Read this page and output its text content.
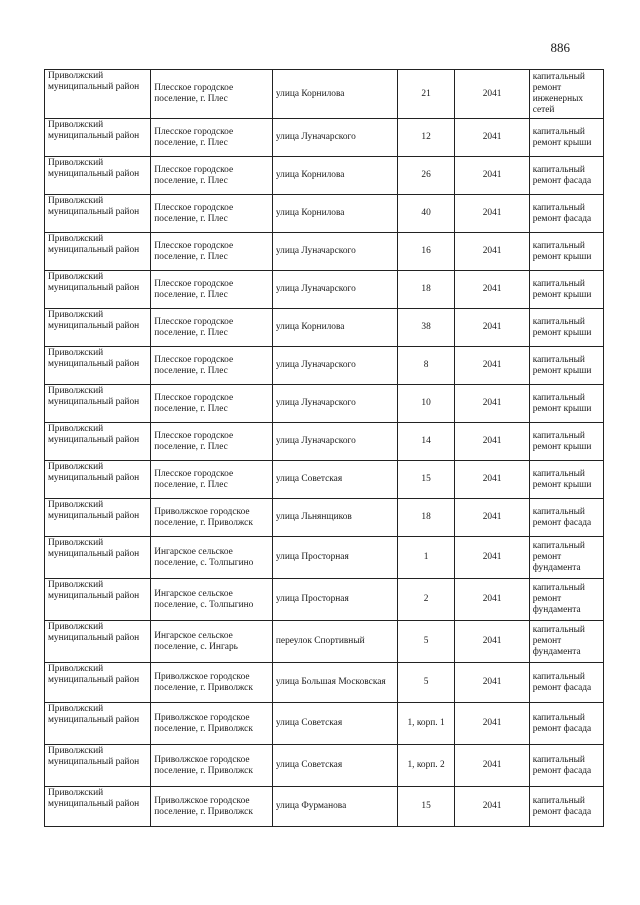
886
Приволжский муниципальный район	Плесское городское поселение, г. Плес	улица Корнилова	21	2041	капитальный ремонт инженерных сетей
Приволжский муниципальный район	Плесское городское поселение, г. Плес	улица Луначарского	12	2041	капитальный ремонт крыши
Приволжский муниципальный район	Плесское городское поселение, г. Плес	улица Корнилова	26	2041	капитальный ремонт фасада
Приволжский муниципальный район	Плесское городское поселение, г. Плес	улица Корнилова	40	2041	капитальный ремонт фасада
Приволжский муниципальный район	Плесское городское поселение, г. Плес	улица Луначарского	16	2041	капитальный ремонт крыши
Приволжский муниципальный район	Плесское городское поселение, г. Плес	улица Луначарского	18	2041	капитальный ремонт крыши
Приволжский муниципальный район	Плесское городское поселение, г. Плес	улица Корнилова	38	2041	капитальный ремонт крыши
Приволжский муниципальный район	Плесское городское поселение, г. Плес	улица Луначарского	8	2041	капитальный ремонт крыши
Приволжский муниципальный район	Плесское городское поселение, г. Плес	улица Луначарского	10	2041	капитальный ремонт крыши
Приволжский муниципальный район	Плесское городское поселение, г. Плес	улица Луначарского	14	2041	капитальный ремонт крыши
Приволжский муниципальный район	Плесское городское поселение, г. Плес	улица Советская	15	2041	капитальный ремонт крыши
Приволжский муниципальный район	Приволжское городское поселение, г. Приволжск	улица Льнянщиков	18	2041	капитальный ремонт фасада
Приволжский муниципальный район	Ингарское сельское поселение, с. Толпыгино	улица Просторная	1	2041	капитальный ремонт фундамента
Приволжский муниципальный район	Ингарское сельское поселение, с. Толпыгино	улица Просторная	2	2041	капитальный ремонт фундамента
Приволжский муниципальный район	Ингарское сельское поселение, с. Ингарь	переулок Спортивный	5	2041	капитальный ремонт фундамента
Приволжский муниципальный район	Приволжское городское поселение, г. Приволжск	улица Большая Московская	5	2041	капитальный ремонт фасада
Приволжский муниципальный район	Приволжское городское поселение, г. Приволжск	улица Советская	1, корп. 1	2041	капитальный ремонт фасада
Приволжский муниципальный район	Приволжское городское поселение, г. Приволжск	улица Советская	1, корп. 2	2041	капитальный ремонт фасада
Приволжский муниципальный район	Приволжское городское поселение, г. Приволжск	улица Фурманова	15	2041	капитальный ремонт фасада
